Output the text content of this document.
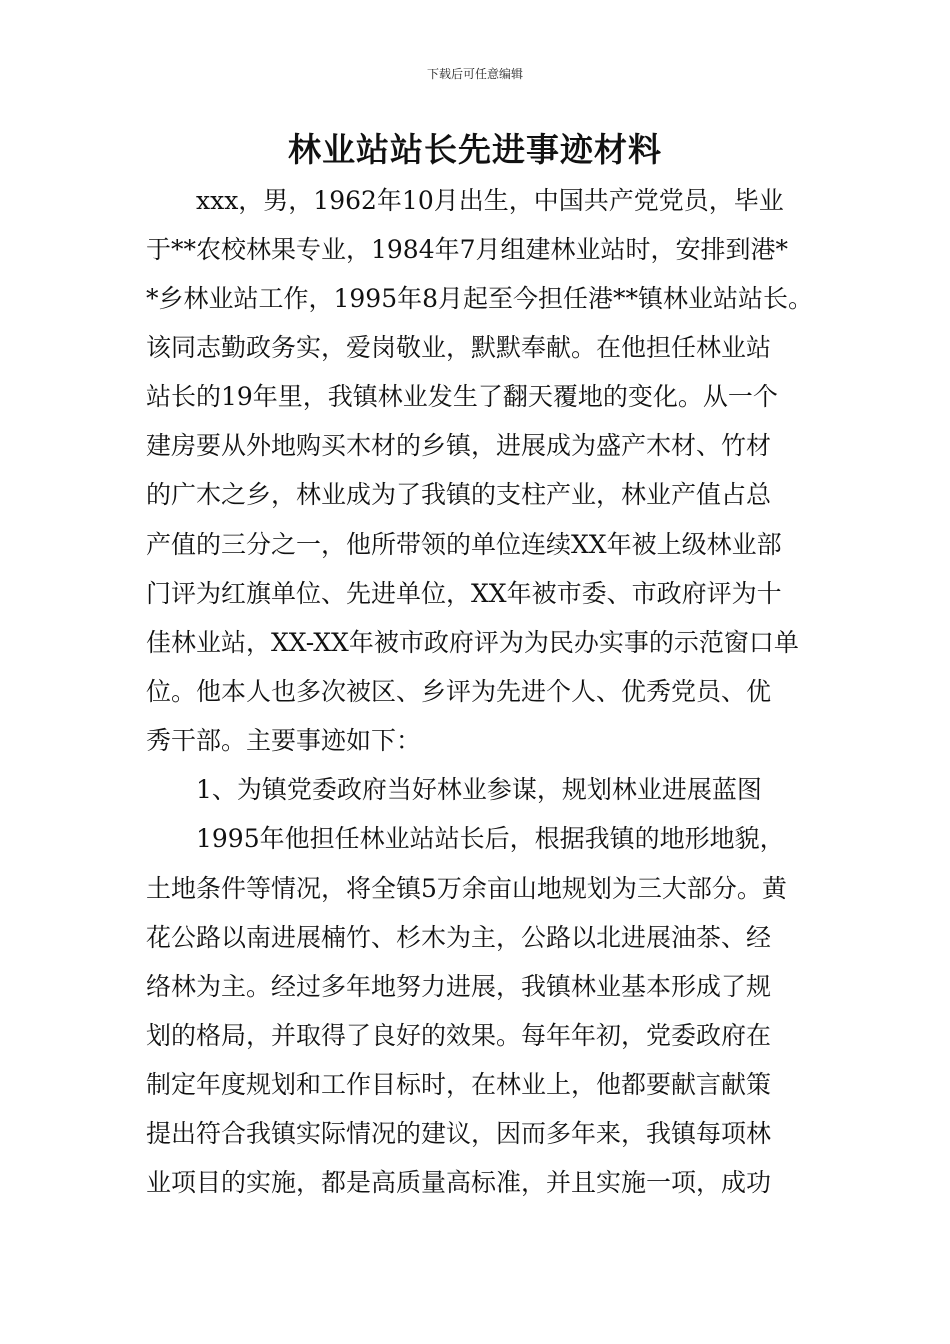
下载后可任意编辑
林业站站长先进事迹材料
xxx，男，1962年10月出生，中国共产党党员，毕业
于**农校林果专业，1984年7月组建林业站时，安排到港*
*乡林业站工作，1995年8月起至今担任港**镇林业站站长。
该同志勤政务实，爱岗敬业，默默奉献。在他担任林业站
站长的19年里，我镇林业发生了翻天覆地的变化。从一个
建房要从外地购买木材的乡镇，进展成为盛产木材、竹材
的广木之乡，林业成为了我镇的支柱产业，林业产值占总
产值的三分之一，他所带领的单位连续XX年被上级林业部
门评为红旗单位、先进单位，XX年被市委、市政府评为十
佳林业站，XX-XX年被市政府评为为民办实事的示范窗口单
位。他本人也多次被区、乡评为先进个人、优秀党员、优
秀干部。主要事迹如下：
1、为镇党委政府当好林业参谋，规划林业进展蓝图
1995年他担任林业站站长后，根据我镇的地形地貌，
土地条件等情况，将全镇5万余亩山地规划为三大部分。黄
花公路以南进展楠竹、杉木为主，公路以北进展油茶、经
络林为主。经过多年地努力进展，我镇林业基本形成了规
划的格局，并取得了良好的效果。每年年初，党委政府在
制定年度规划和工作目标时，在林业上，他都要献言献策
提出符合我镇实际情况的建议，因而多年来，我镇每项林
业项目的实施，都是高质量高标准，并且实施一项，成功
